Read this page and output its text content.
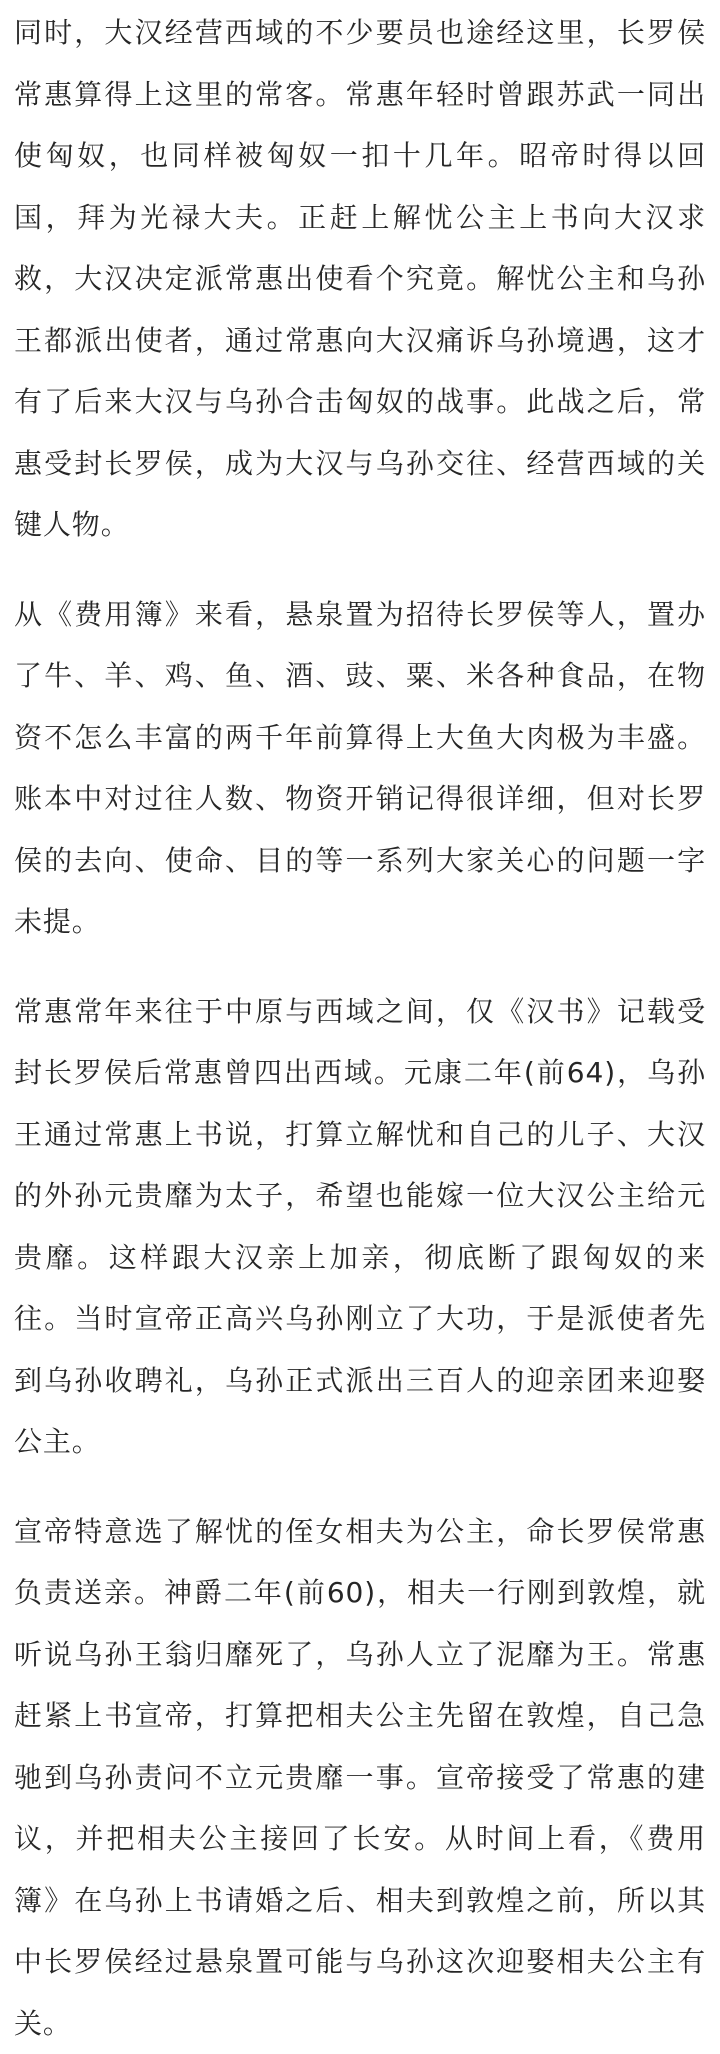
同时，大汉经营西域的不少要员也途经这里，长罗侯常惠算得上这里的常客。常惠年轻时曾跟苏武一同出使匈奴，也同样被匈奴一扣十几年。昭帝时得以回国，拜为光禄大夫。正赶上解忧公主上书向大汉求救，大汉决定派常惠出使看个究竟。解忧公主和乌孙王都派出使者，通过常惠向大汉痛诉乌孙境遇，这才有了后来大汉与乌孙合击匈奴的战事。此战之后，常惠受封长罗侯，成为大汉与乌孙交往、经营西域的关键人物。

从《费用簿》来看，悬泉置为招待长罗侯等人，置办了牛、羊、鸡、鱼、酒、豉、粟、米各种食品，在物资不怎么丰富的两千年前算得上大鱼大肉极为丰盛。账本中对过往人数、物资开销记得很详细，但对长罗侯的去向、使命、目的等一系列大家关心的问题一字未提。

常惠常年来往于中原与西域之间，仅《汉书》记载受封长罗侯后常惠曾四出西域。元康二年(前64)，乌孙王通过常惠上书说，打算立解忧和自己的儿子、大汉的外孙元贵靡为太子，希望也能嫁一位大汉公主给元贵靡。这样跟大汉亲上加亲，彻底断了跟匈奴的来往。当时宣帝正高兴乌孙刚立了大功，于是派使者先到乌孙收聘礼，乌孙正式派出三百人的迎亲团来迎娶公主。

宣帝特意选了解忧的侄女相夫为公主，命长罗侯常惠负责送亲。神爵二年(前60)，相夫一行刚到敦煌，就听说乌孙王翁归靡死了，乌孙人立了泥靡为王。常惠赶紧上书宣帝，打算把相夫公主先留在敦煌，自己急驰到乌孙责问不立元贵靡一事。宣帝接受了常惠的建议，并把相夫公主接回了长安。从时间上看，《费用簿》在乌孙上书请婚之后、相夫到敦煌之前，所以其中长罗侯经过悬泉置可能与乌孙这次迎娶相夫公主有关。
